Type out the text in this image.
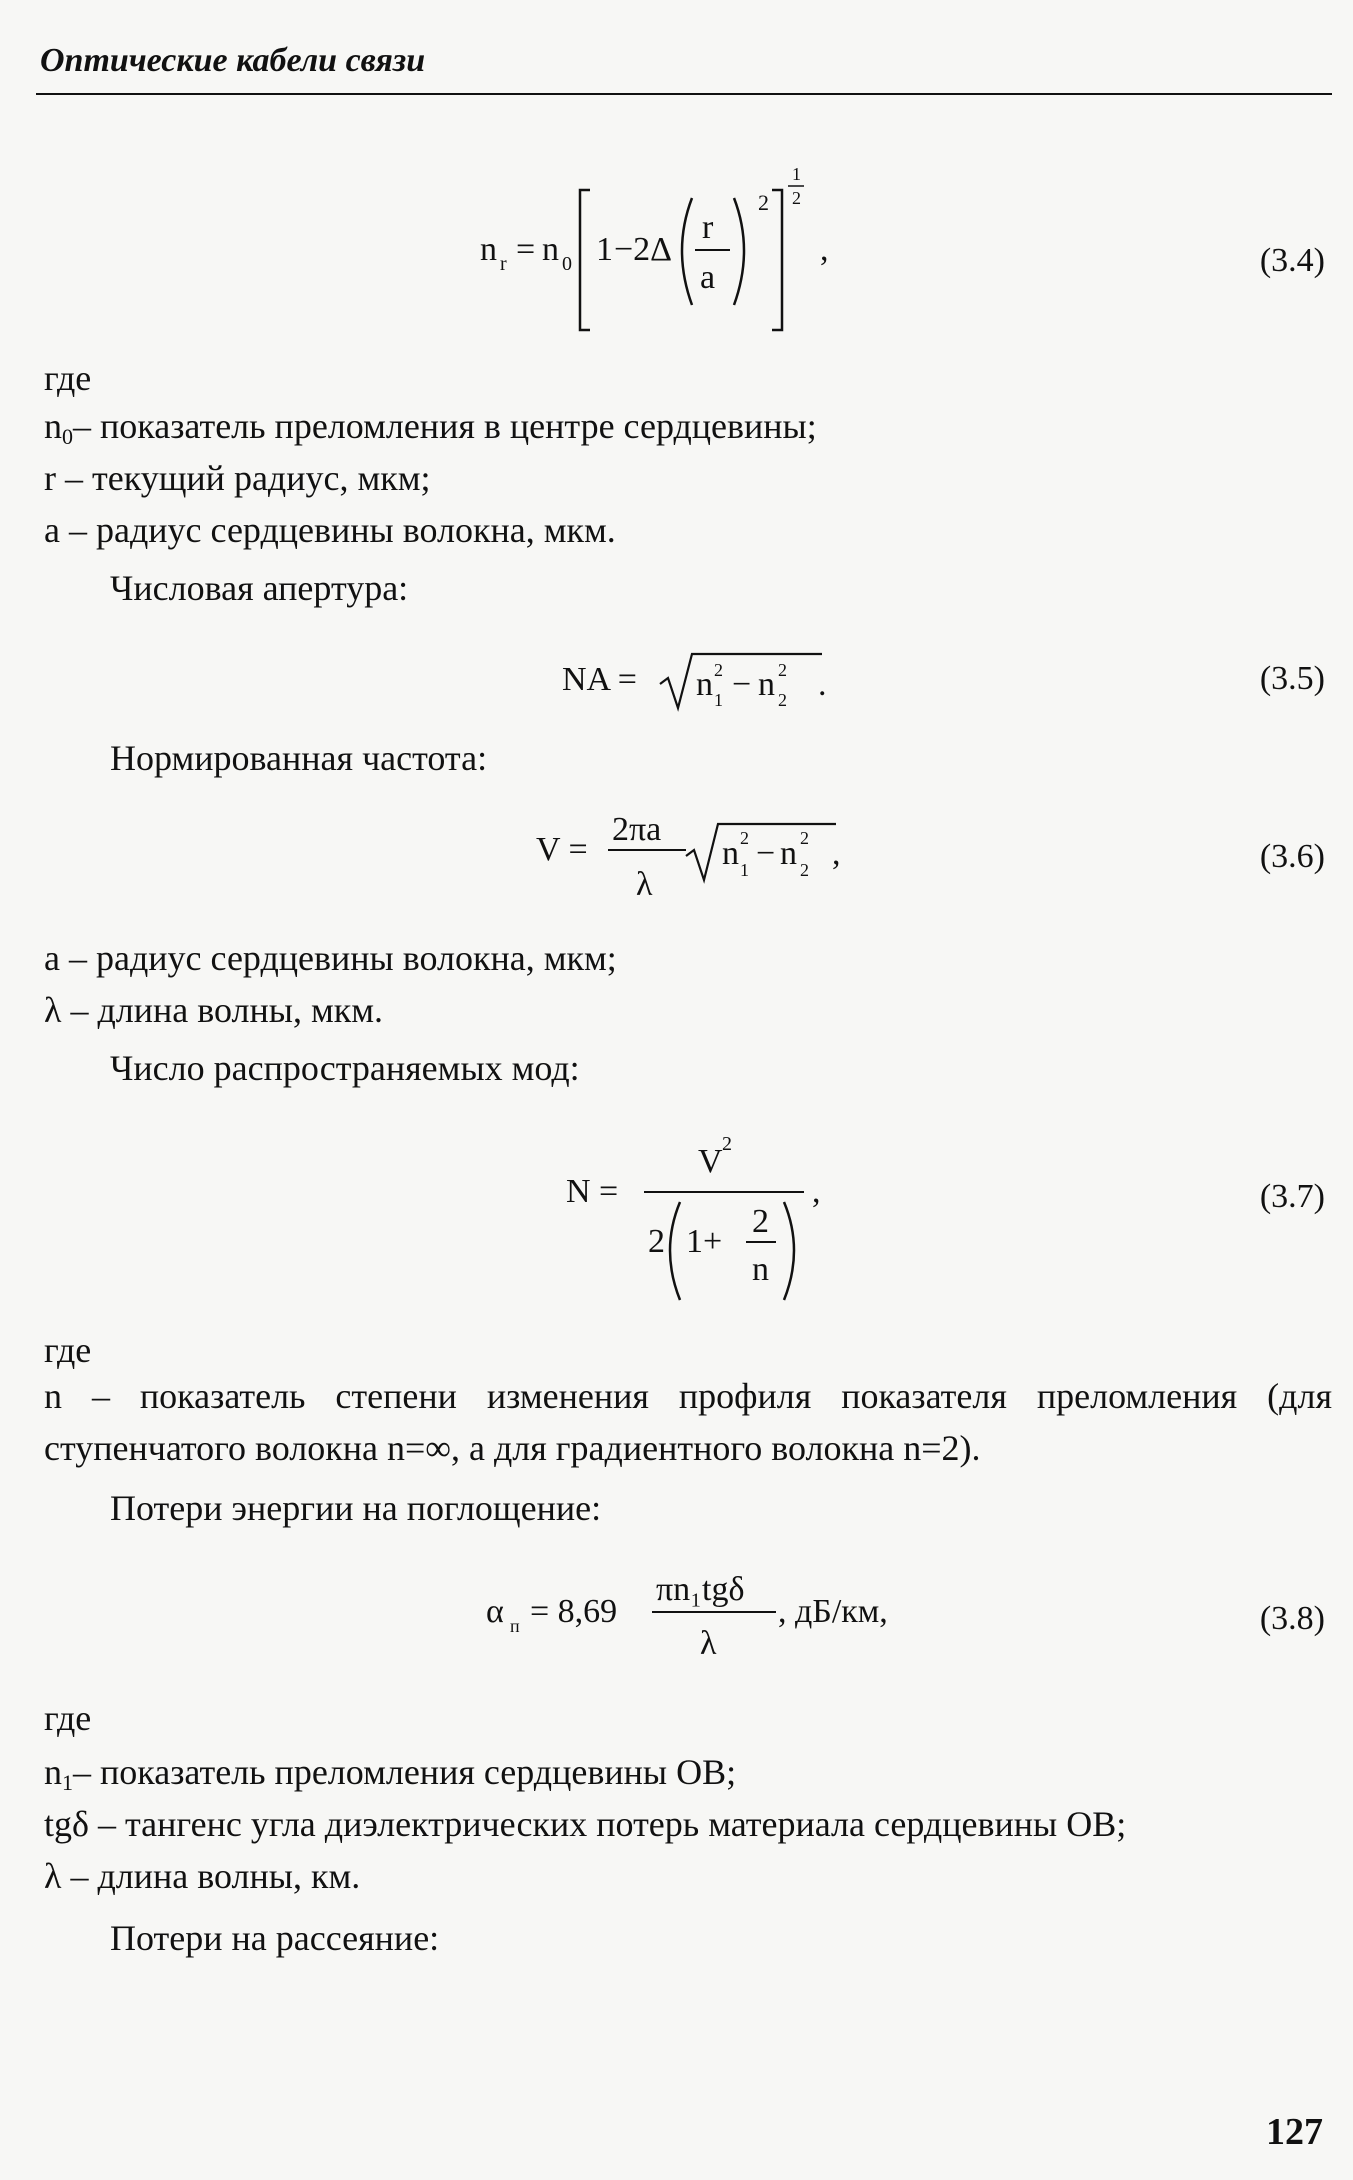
Оптические кабели связи
n r = n 0 1 −2Δ
r
a
2
1
2
,	(3.4)
где
$n_0-$ показатель преломления в центре сердцевины;
r – текущий радиус, мкм;
a – радиус сердцевины волокна, мкм.
Числовая апертура:
NA = n 1
2 − n 2
2 .	(3.5)
Нормированная частота:
V =
2πa
λ
n 1
2 − n 2
2 ,	(3.6)
a – радиус сердцевины волокна, мкм;
λ – длина волны, мкм.
Число распространяемых мод:
N =
V 2
2 1+
2
n
,	(3.7)
где
n – показатель степени изменения профиля показателя преломления (для ступенчатого волокна n=∞, а для градиентного волокна n=2).
Потери энергии на поглощение:
α п = 8,69
πn₁tgδ
λ
, дБ/км,	(3.8)
где
$n_1-$ показатель преломления сердцевины ОВ;
tgδ – тангенс угла диэлектрических потерь материала сердцевины ОВ;
λ – длина волны, км.
Потери на рассеяние:
127
